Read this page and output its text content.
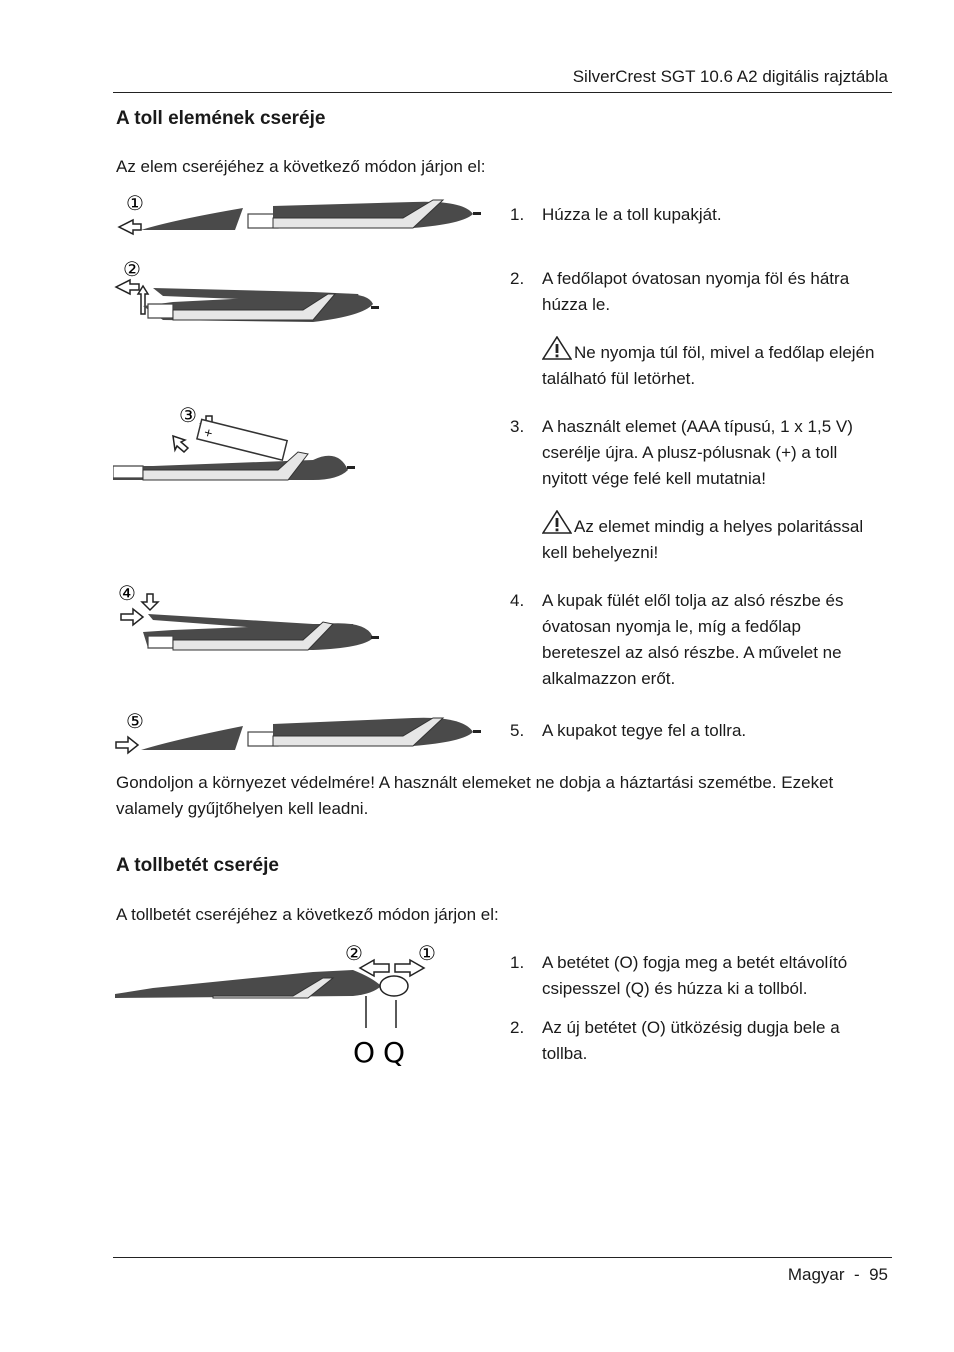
SilverCrest SGT 10.6 A2 digitális rajztábla
A toll elemének cseréje
Az elem cseréjéhez a következő módon járjon el:
①
②
③
+
④
⑤
1. Húzza le a toll kupakját.
2. A fedőlapot óvatosan nyomja föl és hátra húzza le.
Ne nyomja túl föl, mivel a fedőlap elején található fül letörhet.
3. A használt elemet (AAA típusú, 1 x 1,5 V) cserélje újra. A plusz-pólusnak (+) a toll nyitott vége felé kell mutatnia!
Az elemet mindig a helyes polaritással kell behelyezni!
4. A kupak fülét elől tolja az alsó részbe és óvatosan nyomja le, míg a fedőlap bereteszel az alsó részbe. A művelet ne alkalmazzon erőt.
5. A kupakot tegye fel a tollra.
Gondoljon a környezet védelmére! A használt elemeket ne dobja a háztartási szemétbe. Ezeket valamely gyűjtőhelyen kell leadni.
A tollbetét cseréje
A tollbetét cseréjéhez a következő módon járjon el:
②	①
O Q
1. A betétet (O) fogja meg a betét eltávolító csipesszel (Q) és húzza ki a tollból.
2. Az új betétet (O) ütközésig dugja bele a tollba.
Magyar  -  95
